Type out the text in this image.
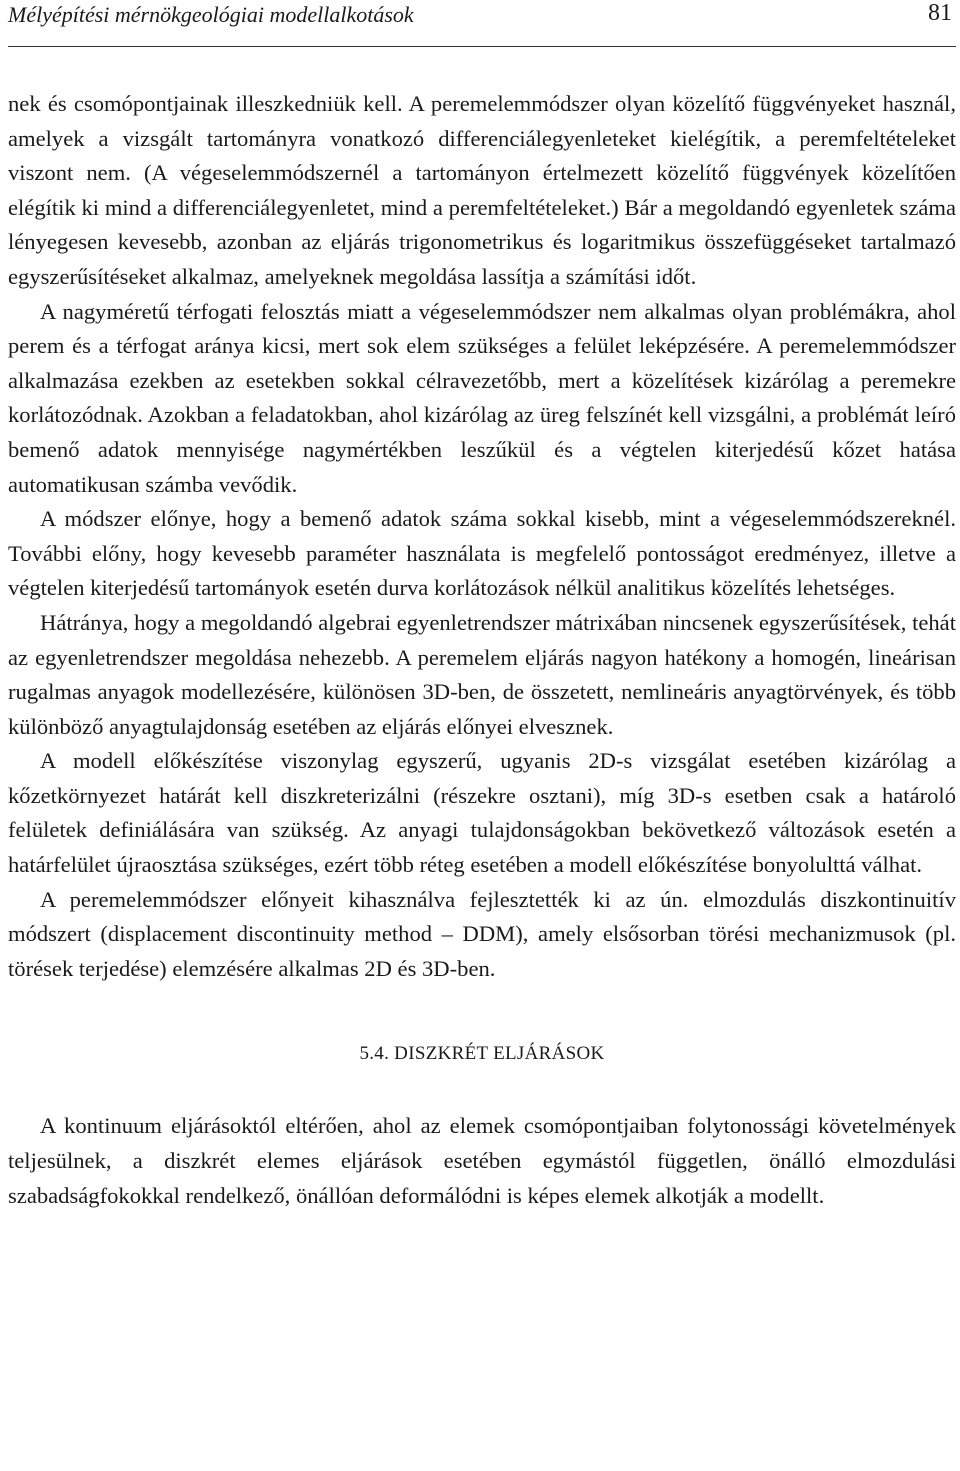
Mélyépítési mérnökgeológiai modellalkotások	81

nek és csomópontjainak illeszkedniük kell. A peremelemmódszer olyan közelítő függvényeket használ, amelyek a vizsgált tartományra vonatkozó differenciálegyenleteket kielégítik, a peremfeltételeket viszont nem. (A végeselemmódszernél a tartományon értelmezett közelítő függvények közelítően elégítik ki mind a differenciálegyenletet, mind a peremfeltételeket.) Bár a megoldandó egyenletek száma lényegesen kevesebb, azonban az eljárás trigonometrikus és logaritmikus összefüggéseket tartalmazó egyszerűsítéseket alkalmaz, amelyeknek megoldása lassítja a számítási időt.

A nagyméretű térfogati felosztás miatt a végeselemmódszer nem alkalmas olyan problémákra, ahol perem és a térfogat aránya kicsi, mert sok elem szükséges a felület leképzésére. A peremelemmódszer alkalmazása ezekben az esetekben sokkal célravezetőbb, mert a közelítések kizárólag a peremekre korlátozódnak. Azokban a feladatokban, ahol kizárólag az üreg felszínét kell vizsgálni, a problémát leíró bemenő adatok mennyisége nagymértékben leszűkül és a végtelen kiterjedésű kőzet hatása automatikusan számba vevődik.

A módszer előnye, hogy a bemenő adatok száma sokkal kisebb, mint a végeselemmódszereknél. További előny, hogy kevesebb paraméter használata is megfelelő pontosságot eredményez, illetve a végtelen kiterjedésű tartományok esetén durva korlátozások nélkül analitikus közelítés lehetséges.

Hátránya, hogy a megoldandó algebrai egyenletrendszer mátrixában nincsenek egyszerűsítések, tehát az egyenletrendszer megoldása nehezebb. A peremelem eljárás nagyon hatékony a homogén, lineárisan rugalmas anyagok modellezésére, különösen 3D-ben, de összetett, nemlineáris anyagtörvények, és több különböző anyagtulajdonság esetében az eljárás előnyei elvesznek.

A modell előkészítése viszonylag egyszerű, ugyanis 2D-s vizsgálat esetében kizárólag a kőzetkörnyezet határát kell diszkreterizálni (részekre osztani), míg 3D-s esetben csak a határoló felületek definiálására van szükség. Az anyagi tulajdonságokban bekövetkező változások esetén a határfelület újraosztása szükséges, ezért több réteg esetében a modell előkészítése bonyolulttá válhat.

A peremelemmódszer előnyeit kihasználva fejlesztették ki az ún. elmozdulás diszkontinuitív módszert (displacement discontinuity method – DDM), amely elsősorban törési mechanizmusok (pl. törések terjedése) elemzésére alkalmas 2D és 3D-ben.

5.4. DISZKRÉT ELJÁRÁSOK

A kontinuum eljárásoktól eltérően, ahol az elemek csomópontjaiban folytonossági követelmények teljesülnek, a diszkrét elemes eljárások esetében egymástól független, önálló elmozdulási szabadságfokokkal rendelkező, önállóan deformálódni is képes elemek alkotják a modellt.
